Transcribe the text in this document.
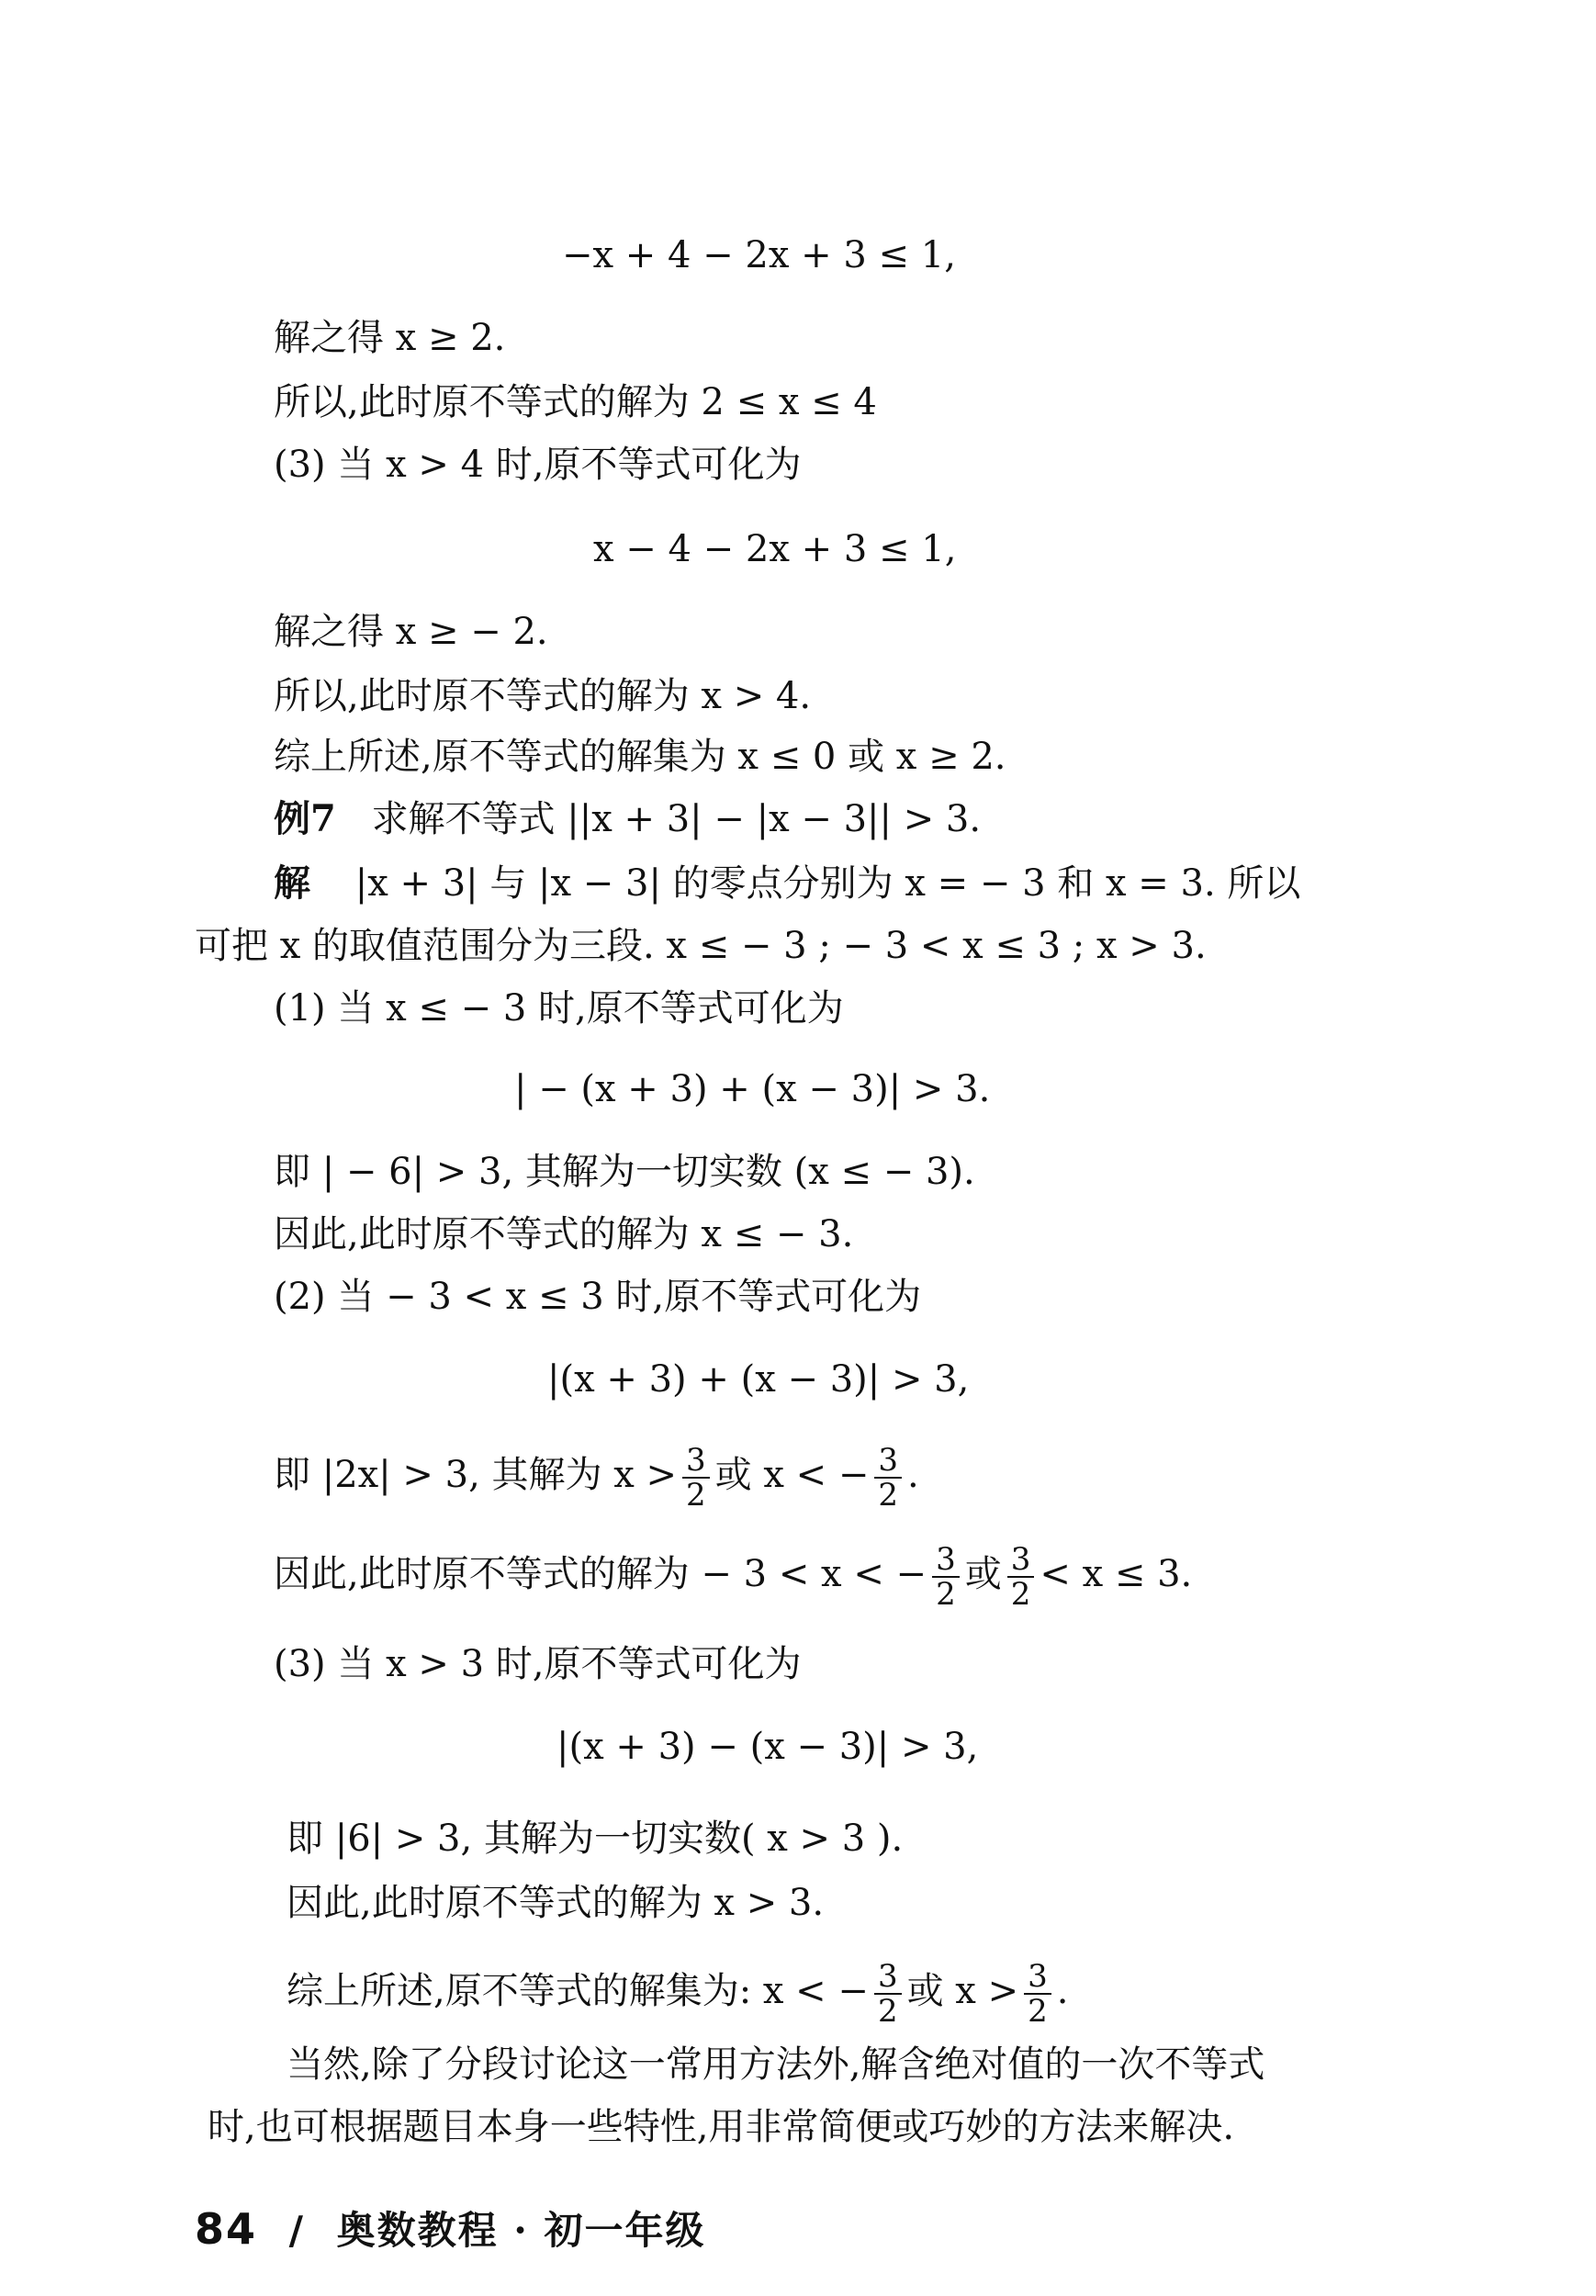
−x + 4 − 2x + 3 ≤ 1,
解之得 x ≥ 2.
所以,此时原不等式的解为 2 ≤ x ≤ 4
(3) 当 x > 4 时,原不等式可化为
x − 4 − 2x + 3 ≤ 1,
解之得 x ≥ − 2.
所以,此时原不等式的解为 x > 4.
综上所述,原不等式的解集为 x ≤ 0 或 x ≥ 2.
例7 求解不等式 ||x + 3| − |x − 3|| > 3.
解 |x + 3| 与 |x − 3| 的零点分别为 x = − 3 和 x = 3. 所以
可把 x 的取值范围分为三段. x ≤ − 3 ; − 3 < x ≤ 3 ; x > 3.
(1) 当 x ≤ − 3 时,原不等式可化为
| − (x + 3) + (x − 3)| > 3.
即 | − 6| > 3, 其解为一切实数 (x ≤ − 3).
因此,此时原不等式的解为 x ≤ − 3.
(2) 当 − 3 < x ≤ 3 时,原不等式可化为
|(x + 3) + (x − 3)| > 3,
即 |2x| > 3, 其解为 $x > \frac{3}{2}$ 或 x < − $\frac{3}{2}$ .
因此,此时原不等式的解为 − 3 < x < − $\frac{3}{2}$ 或 $\frac{3}{2} < x \le 3$.
(3) 当 x > 3 时,原不等式可化为
|(x + 3) − (x − 3)| > 3,
即 |6| > 3, 其解为一切实数( x > 3 ).
因此,此时原不等式的解为 x > 3.
综上所述,原不等式的解集为: x < − $\frac{3}{2}$ 或 $x > \frac{3}{2}$ .
当然,除了分段讨论这一常用方法外,解含绝对值的一次不等式
时,也可根据题目本身一些特性,用非常简便或巧妙的方法来解决.
84 / 奥数教程 · 初一年级
